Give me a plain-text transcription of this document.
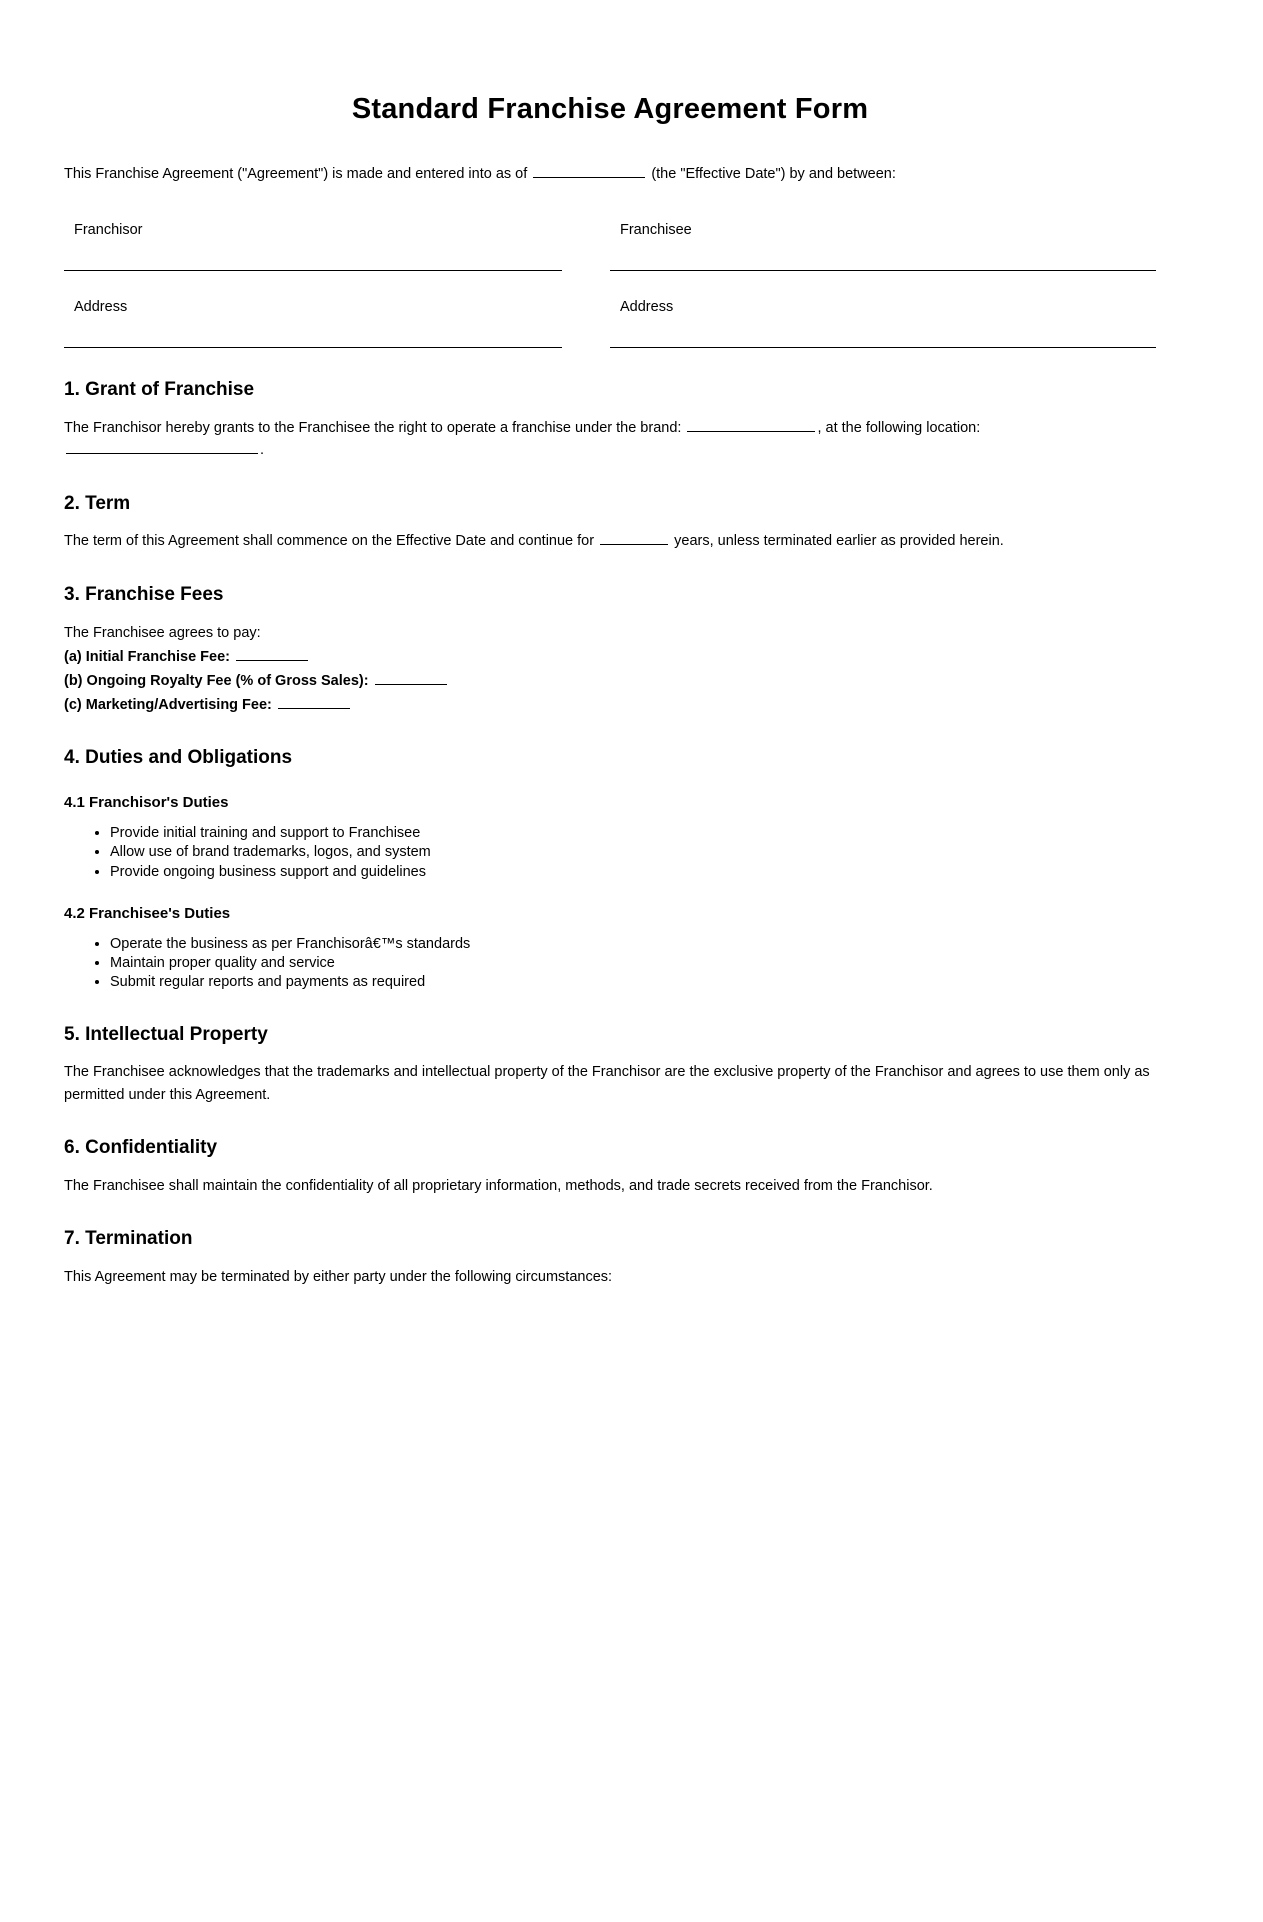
Standard Franchise Agreement Form
This Franchise Agreement ("Agreement") is made and entered into as of	(the "Effective Date") by and between:
Franchisor	Franchisee
Address	Address
1. Grant of Franchise

The Franchisor hereby grants to the Franchisee the right to operate a franchise under the brand:	, at the following location:
.

2. Term

The term of this Agreement shall commence on the Effective Date and continue for	years, unless terminated earlier as provided herein.

3. Franchise Fees

The Franchisee agrees to pay:

(a) Initial Franchise Fee:

(b) Ongoing Royalty Fee (% of Gross Sales):

(c) Marketing/Advertising Fee:

4. Duties and Obligations
4.1 Franchisor's Duties
• Provide initial training and support to Franchisee
• Allow use of brand trademarks, logos, and system
• Provide ongoing business support and guidelines
4.2 Franchisee's Duties
• Operate the business as per Franchisorâ€™s standards
• Maintain proper quality and service
• Submit regular reports and payments as required
5. Intellectual Property

The Franchisee acknowledges that the trademarks and intellectual property of the Franchisor are the exclusive property of the Franchisor and agrees to use them only as permitted under this Agreement.

6. Confidentiality

The Franchisee shall maintain the confidentiality of all proprietary information, methods, and trade secrets received from the Franchisor.

7. Termination

This Agreement may be terminated by either party under the following circumstances:
